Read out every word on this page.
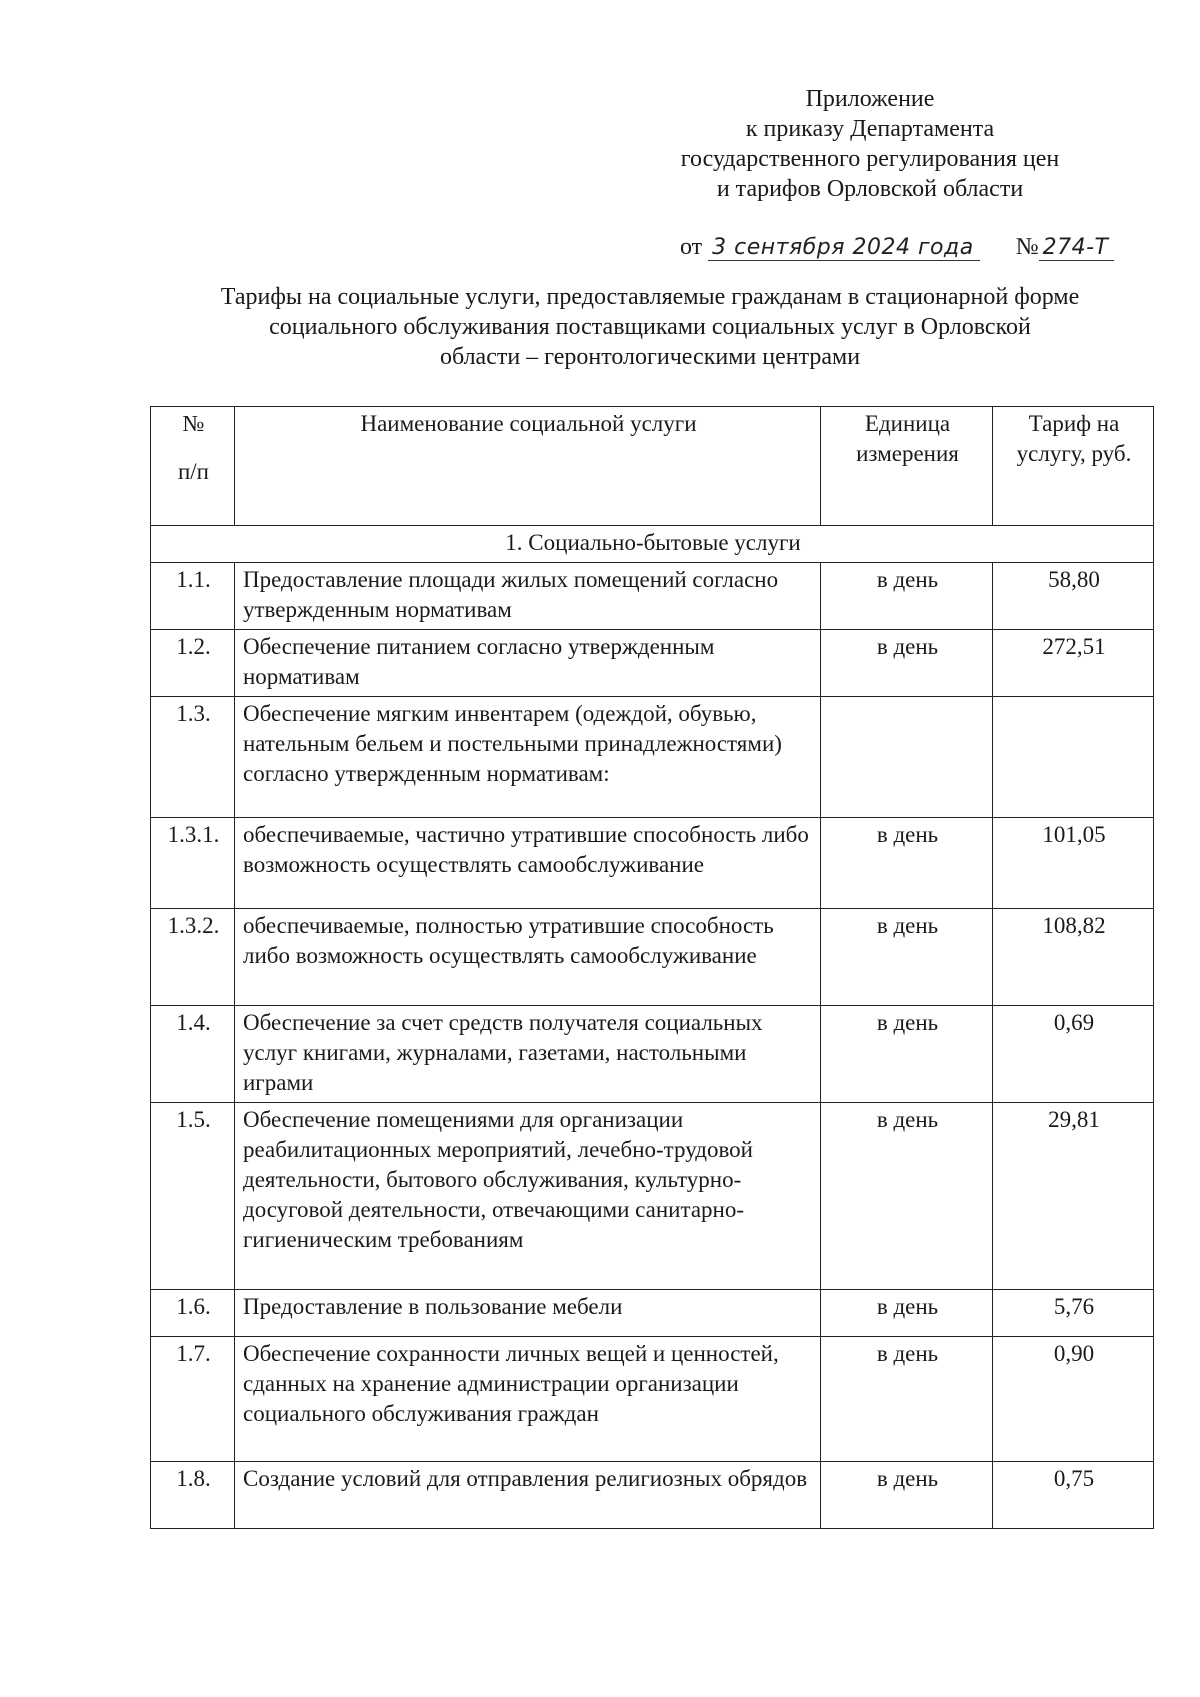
Приложение
к приказу Департамента
государственного регулирования цен
и тарифов Орловской области
от 3 сентября 2024 года № 274-Т
Тарифы на социальные услуги, предоставляемые гражданам в стационарной форме
социального обслуживания поставщиками социальных услуг в Орловской
области – геронтологическими центрами
№
п/п	Наименование социальной услуги	Единица измерения	Тариф на услугу, руб.
1. Социально-бытовые услуги			
1.1.	Предоставление площади жилых помещений согласно утвержденным нормативам	в день	58,80
1.2.	Обеспечение питанием согласно утвержденным нормативам	в день	272,51
1.3.	Обеспечение мягким инвентарем (одеждой, обувью, нательным бельем и постельными принадлежностями) согласно утвержденным нормативам:		
1.3.1.	обеспечиваемые, частично утратившие способность либо возможность осуществлять самообслуживание	в день	101,05
1.3.2.	обеспечиваемые, полностью утратившие способность либо возможность осуществлять самообслуживание	в день	108,82
1.4.	Обеспечение за счет средств получателя социальных услуг книгами, журналами, газетами, настольными играми	в день	0,69
1.5.	Обеспечение помещениями для организации реабилитационных мероприятий, лечебно-трудовой деятельности, бытового обслуживания, культурно-досуговой деятельности, отвечающими санитарно-гигиеническим требованиям	в день	29,81
1.6.	Предоставление в пользование мебели	в день	5,76
1.7.	Обеспечение сохранности личных вещей и ценностей, сданных на хранение администрации организации социального обслуживания граждан	в день	0,90
1.8.	Создание условий для отправления религиозных обрядов	в день	0,75
